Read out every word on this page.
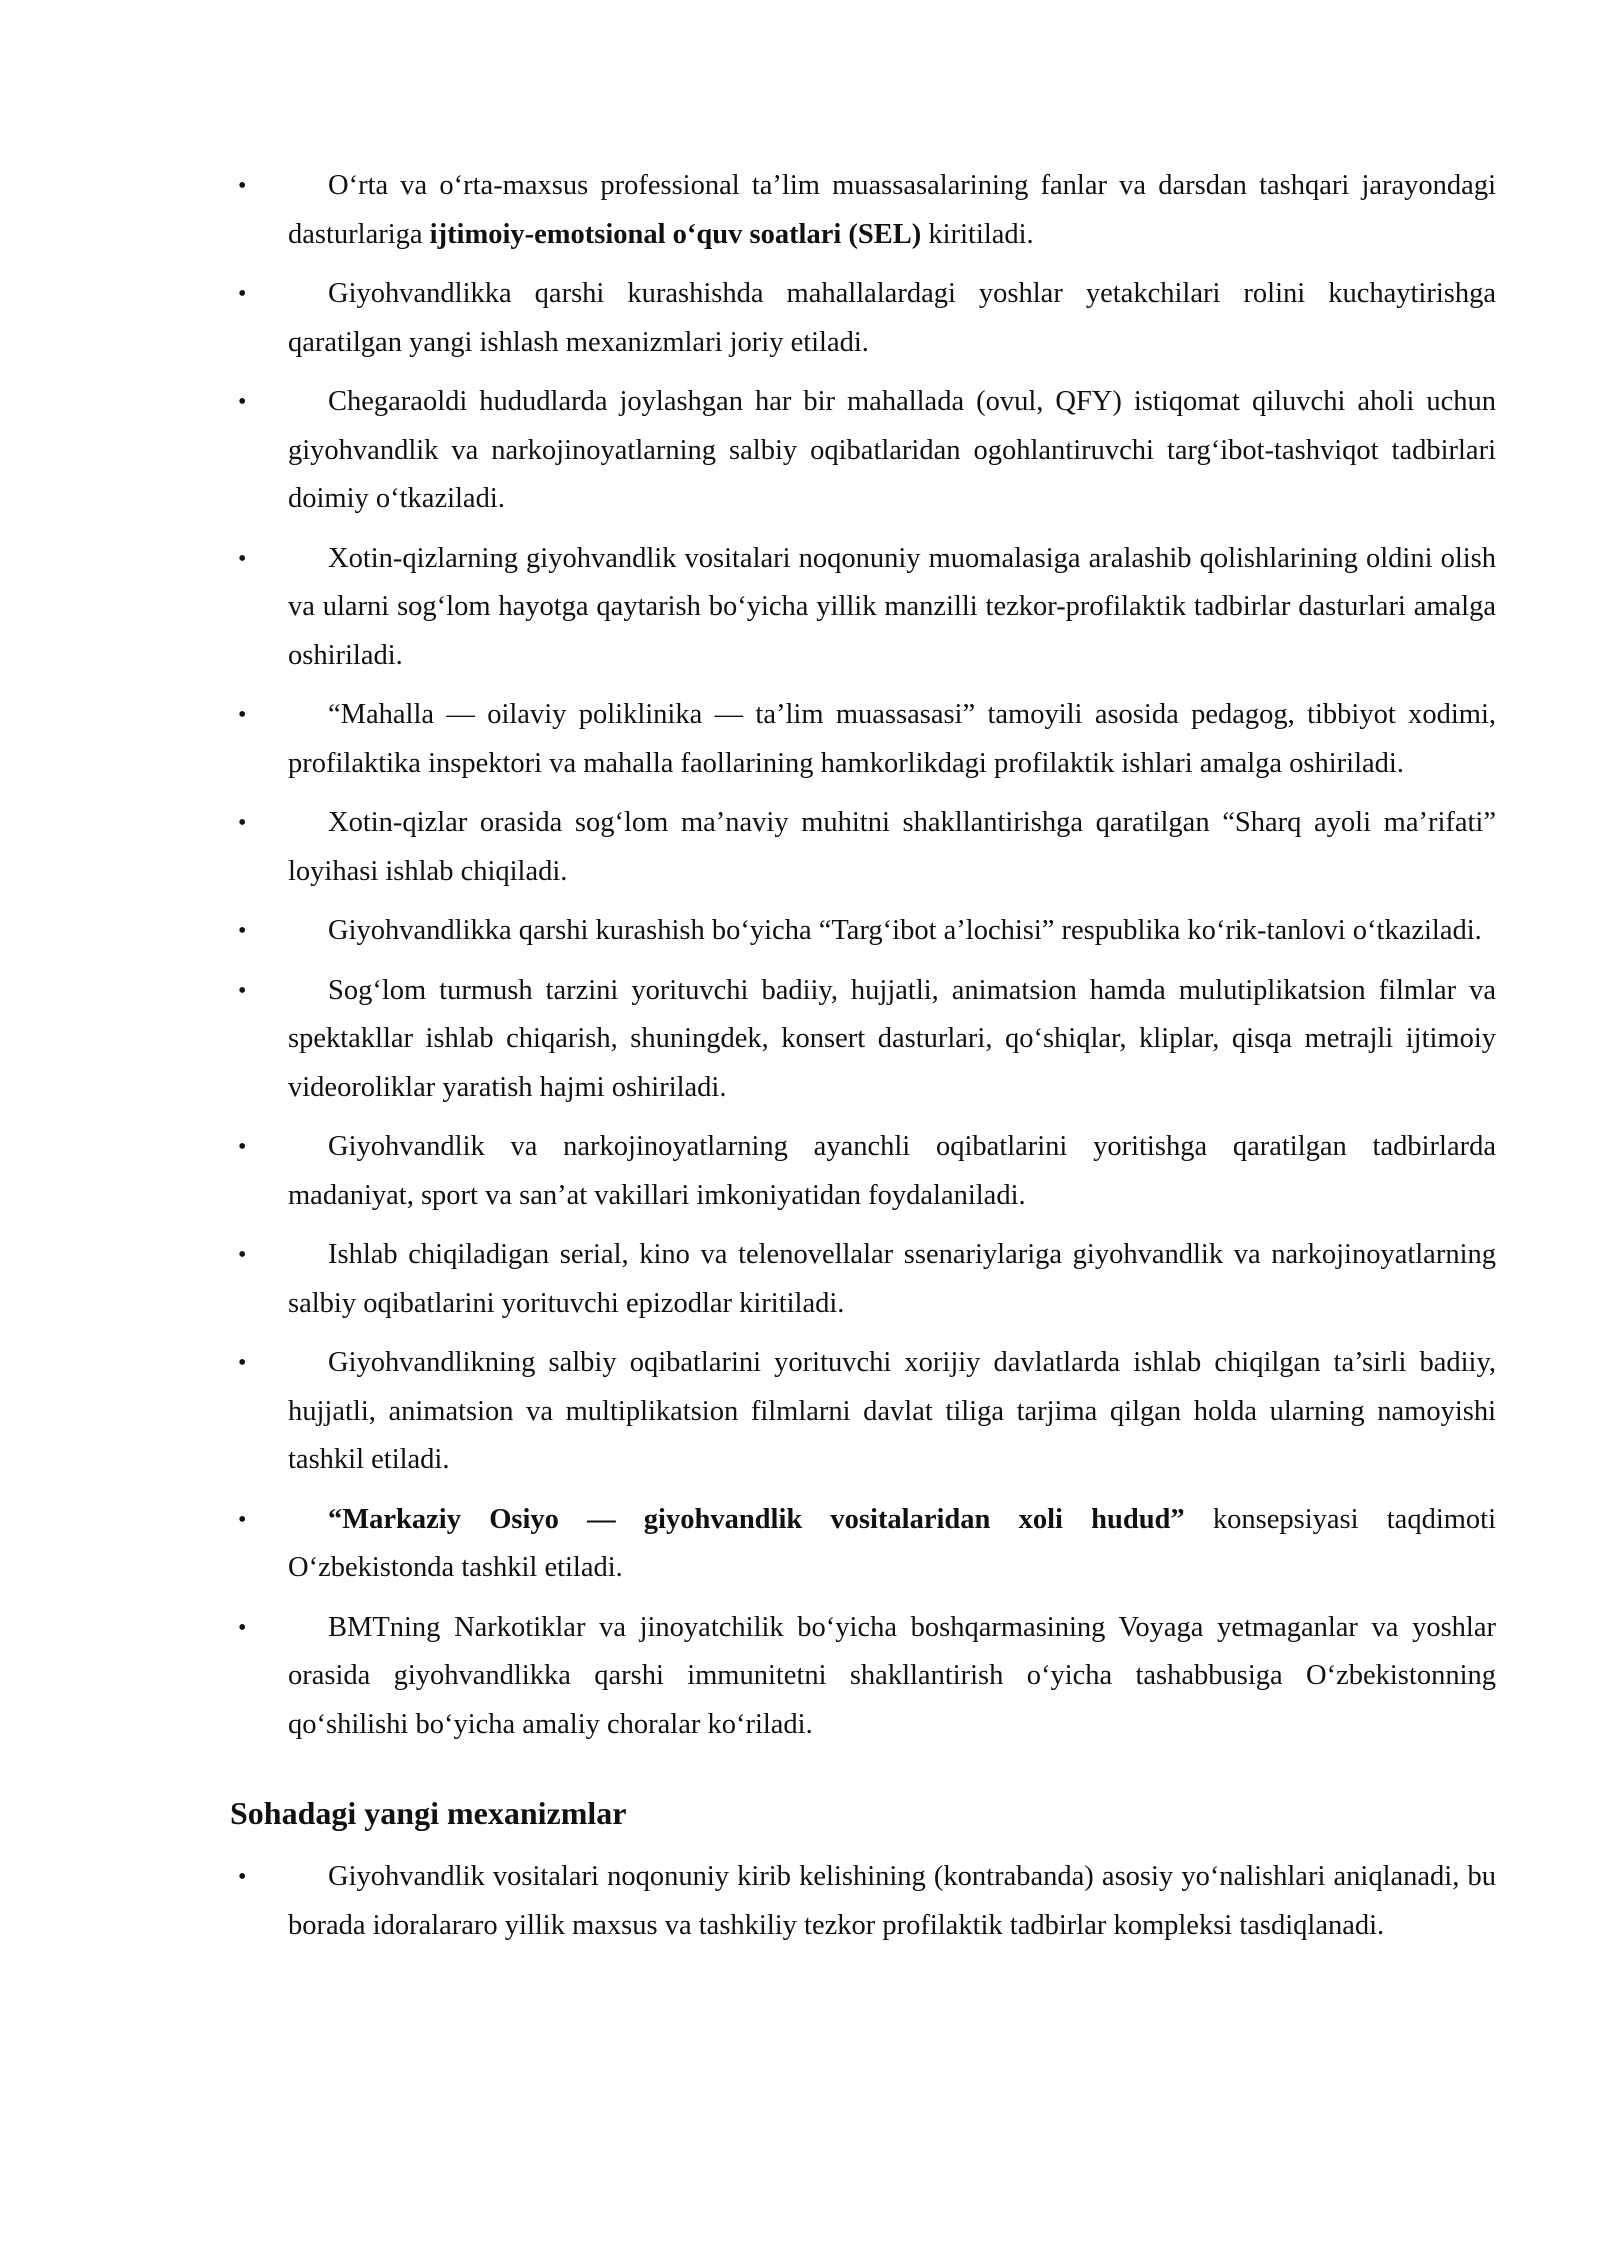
•	O‘rta va o‘rta-maxsus professional ta’lim muassasalarining fanlar va darsdan tashqari jarayondagi dasturlariga ijtimoiy-emotsional o‘quv soatlari (SEL) kiritiladi.
•	Giyohvandlikka qarshi kurashishda mahallalardagi yoshlar yetakchilari rolini kuchaytirishga qaratilgan yangi ishlash mexanizmlari joriy etiladi.
•	Chegaraoldi hududlarda joylashgan har bir mahallada (ovul, QFY) istiqomat qiluvchi aholi uchun giyohvandlik va narkojinoyatlarning salbiy oqibatlaridan ogohlantiruvchi targ‘ibot-tashviqot tadbirlari doimiy o‘tkaziladi.
•	Xotin-qizlarning giyohvandlik vositalari noqonuniy muomalasiga aralashib qolishlarining oldini olish va ularni sog‘lom hayotga qaytarish bo‘yicha yillik manzilli tezkor-profilaktik tadbirlar dasturlari amalga oshiriladi.
•	“Mahalla — oilaviy poliklinika — ta’lim muassasasi” tamoyili asosida pedagog, tibbiyot xodimi, profilaktika inspektori va mahalla faollarining hamkorlikdagi profilaktik ishlari amalga oshiriladi.
•	Xotin-qizlar orasida sog‘lom ma’naviy muhitni shakllantirishga qaratilgan “Sharq ayoli ma’rifati” loyihasi ishlab chiqiladi.
•	Giyohvandlikka qarshi kurashish bo‘yicha “Targ‘ibot a’lochisi” respublika ko‘rik-tanlovi o‘tkaziladi.
•	Sog‘lom turmush tarzini yorituvchi badiiy, hujjatli, animatsion hamda mulutiplikatsion filmlar va spektakllar ishlab chiqarish, shuningdek, konsert dasturlari, qo‘shiqlar, kliplar, qisqa metrajli ijtimoiy videoroliklar yaratish hajmi oshiriladi.
•	Giyohvandlik va narkojinoyatlarning ayanchli oqibatlarini yoritishga qaratilgan tadbirlarda madaniyat, sport va san’at vakillari imkoniyatidan foydalaniladi.
•	Ishlab chiqiladigan serial, kino va telenovellalar ssenariylariga giyohvandlik va narkojinoyatlarning salbiy oqibatlarini yorituvchi epizodlar kiritiladi.
•	Giyohvandlikning salbiy oqibatlarini yorituvchi xorijiy davlatlarda ishlab chiqilgan ta’sirli badiiy, hujjatli, animatsion va multiplikatsion filmlarni davlat tiliga tarjima qilgan holda ularning namoyishi tashkil etiladi.
•	“Markaziy Osiyo — giyohvandlik vositalaridan xoli hudud” konsepsiyasi taqdimoti O‘zbekistonda tashkil etiladi.
•	BMTning Narkotiklar va jinoyatchilik bo‘yicha boshqarmasining Voyaga yetmaganlar va yoshlar orasida giyohvandlikka qarshi immunitetni shakllantirish o‘yicha tashabbusiga O‘zbekistonning qo‘shilishi bo‘yicha amaliy choralar ko‘riladi.
Sohadagi yangi mexanizmlar
•	Giyohvandlik vositalari noqonuniy kirib kelishining (kontrabanda) asosiy yo‘nalishlari aniqlanadi, bu borada idoralararo yillik maxsus va tashkiliy tezkor profilaktik tadbirlar kompleksi tasdiqlanadi.
